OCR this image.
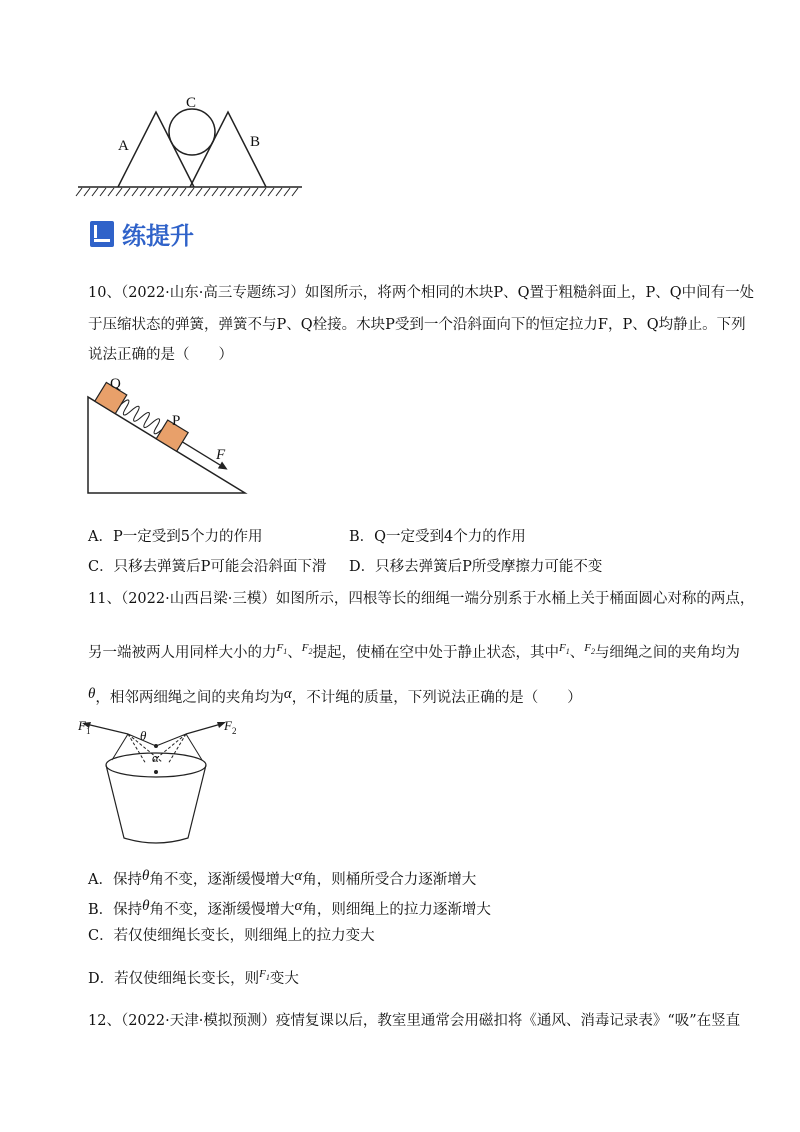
A	B
C
练提升
10、（2022·山东·高三专题练习）如图所示，将两个相同的木块P、Q置于粗糙斜面上，P、Q中间有一处
于压缩状态的弹簧，弹簧不与P、Q栓接。木块P受到一个沿斜面向下的恒定拉力F，P、Q均静止。下列
说法正确的是（　　）
Q
P
F
A．P一定受到5个力的作用	B．Q一定受到4个力的作用
C．只移去弹簧后P可能会沿斜面下滑 D．只移去弹簧后P所受摩擦力可能不变
11、（2022·山西吕梁·三模）如图所示，四根等长的细绳一端分别系于水桶上关于桶面圆心对称的两点，
另一端被两人用同样大小的力$^{F_1}$、$^{F_2}$提起，使桶在空中处于静止状态，其中$^{F_1}$、$^{F_2}$与细绳之间的夹角均为
θ，相邻两细绳之间的夹角均为α，不计绳的质量，下列说法正确的是（　　）
F 1	F 2
θ
α
A．保持θ角不变，逐渐缓慢增大α角，则桶所受合力逐渐增大
B．保持θ角不变，逐渐缓慢增大α角，则细绳上的拉力逐渐增大
C．若仅使细绳长变长，则细绳上的拉力变大
D．若仅使细绳长变长，则$^{F_1}$变大
12、（2022·天津·模拟预测）疫情复课以后，教室里通常会用磁扣将《通风、消毒记录表》“吸”在竖直
